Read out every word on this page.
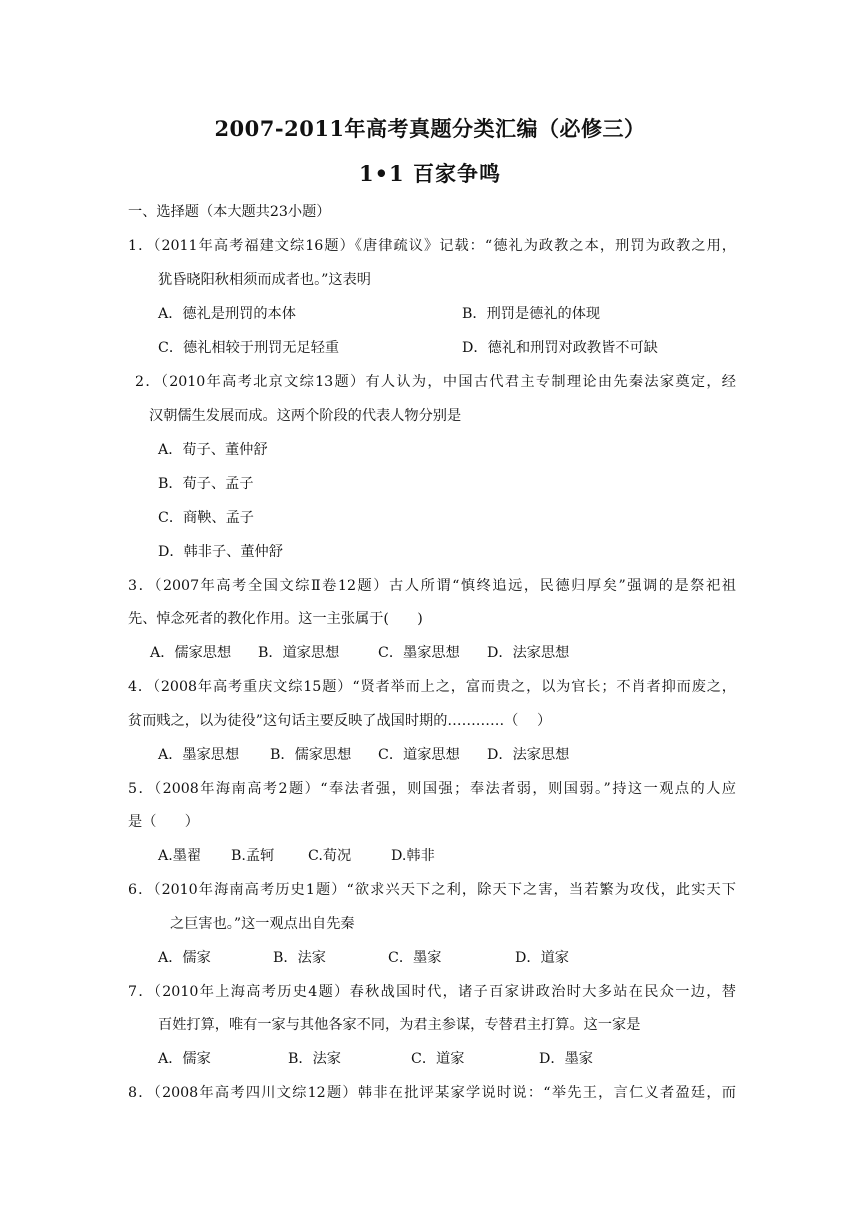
2007-2011年高考真题分类汇编（必修三）
1•1 百家争鸣
一、选择题（本大题共23小题）
1．（2011年高考福建文综16题）《唐律疏议》记载：“德礼为政教之本，刑罚为政教之用，
犹昏晓阳秋相须而成者也。”这表明
A．德礼是刑罚的本体	B．刑罚是德礼的体现
C．德礼相较于刑罚无足轻重	D．德礼和刑罚对政教皆不可缺
2．（2010年高考北京文综13题）有人认为，中国古代君主专制理论由先秦法家奠定，经
汉朝儒生发展而成。这两个阶段的代表人物分别是
A．荀子、董仲舒
B．荀子、孟子
C．商鞅、孟子
D．韩非子、董仲舒
3．（2007年高考全国文综Ⅱ卷12题）古人所谓“慎终追远，民德归厚矣”强调的是祭祀祖
先、悼念死者的教化作用。这一主张属于(　　)
A．儒家思想 B．道家思想	C．墨家思想 D．法家思想
4．（2008年高考重庆文综15题）“贤者举而上之，富而贵之，以为官长；不肖者抑而废之，
贫而贱之，以为徒役”这句话主要反映了战国时期的…………（　 ）
A．墨家思想 B．儒家思想 C．道家思想 D．法家思想
5．（2008年海南高考2题）“奉法者强，则国强；奉法者弱，则国弱。”持这一观点的人应
是（　　）
A.墨翟 B.孟轲 C.荀况	D.韩非
6．（2010年海南高考历史1题）“欲求兴天下之利，除天下之害，当若繁为攻伐，此实天下
之巨害也。”这一观点出自先秦
A．儒家	B．法家	C．墨家	D．道家
7．（2010年上海高考历史4题）春秋战国时代，诸子百家讲政治时大多站在民众一边，替
百姓打算，唯有一家与其他各家不同，为君主参谋，专替君主打算。这一家是
A．儒家	B．法家	C．道家	D．墨家
8．（2008年高考四川文综12题）韩非在批评某家学说时说：“举先王，言仁义者盈廷，而
